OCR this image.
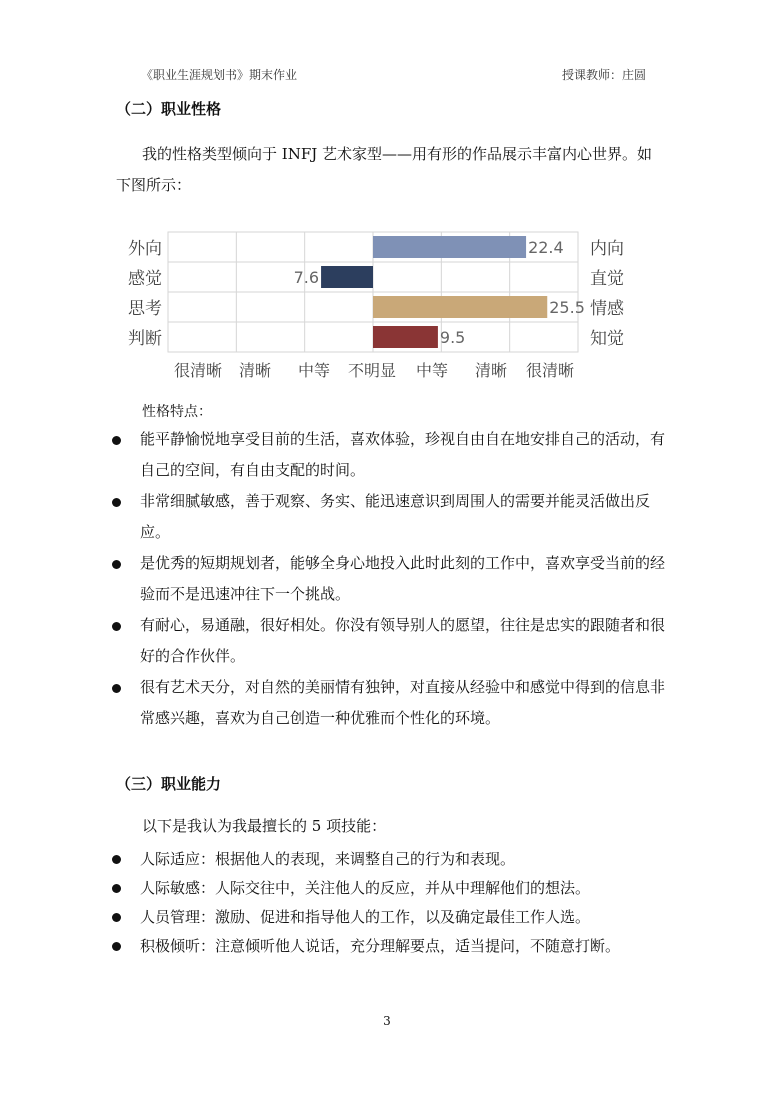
《职业生涯规划书》期末作业	授课教师：庄圆
（二）职业性格
我的性格类型倾向于 INFJ 艺术家型——用有形的作品展示丰富内心世界。如下图所示：
22.4
外向	内向
7.6
感觉	直觉
25.5
思考	情感
9.5
判断	知觉
很清晰 清晰 中等 不明显 中等 清晰 很清晰
性格特点：
能平静愉悦地享受目前的生活，喜欢体验，珍视自由自在地安排自己的活动，有自己的空间，有自由支配的时间。
非常细腻敏感，善于观察、务实、能迅速意识到周围人的需要并能灵活做出反应。
是优秀的短期规划者，能够全身心地投入此时此刻的工作中，喜欢享受当前的经验而不是迅速冲往下一个挑战。
有耐心，易通融，很好相处。你没有领导别人的愿望，往往是忠实的跟随者和很好的合作伙伴。
很有艺术天分，对自然的美丽情有独钟，对直接从经验中和感觉中得到的信息非常感兴趣，喜欢为自己创造一种优雅而个性化的环境。
（三）职业能力
以下是我认为我最擅长的 5 项技能：
人际适应：根据他人的表现，来调整自己的行为和表现。
人际敏感：人际交往中，关注他人的反应，并从中理解他们的想法。
人员管理：激励、促进和指导他人的工作，以及确定最佳工作人选。
积极倾听：注意倾听他人说话，充分理解要点，适当提问，不随意打断。
3
